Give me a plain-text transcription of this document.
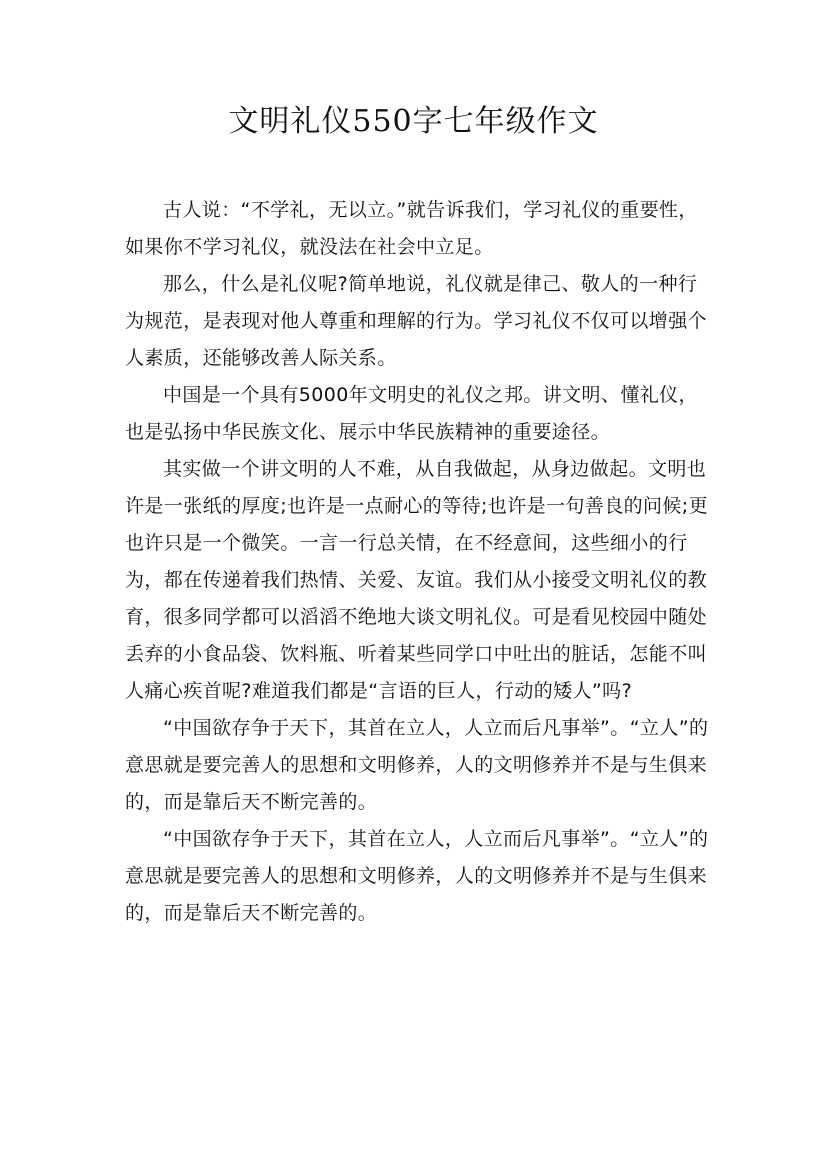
文明礼仪550字七年级作文

古人说：“不学礼，无以立。”就告诉我们，学习礼仪的重要性，如果你不学习礼仪，就没法在社会中立足。

那么，什么是礼仪呢?简单地说，礼仪就是律己、敬人的一种行为规范，是表现对他人尊重和理解的行为。学习礼仪不仅可以增强个人素质，还能够改善人际关系。

中国是一个具有5000年文明史的礼仪之邦。讲文明、懂礼仪，也是弘扬中华民族文化、展示中华民族精神的重要途径。

其实做一个讲文明的人不难，从自我做起，从身边做起。文明也许是一张纸的厚度;也许是一点耐心的等待;也许是一句善良的问候;更也许只是一个微笑。一言一行总关情，在不经意间，这些细小的行为，都在传递着我们热情、关爱、友谊。我们从小接受文明礼仪的教育，很多同学都可以滔滔不绝地大谈文明礼仪。可是看见校园中随处丢弃的小食品袋、饮料瓶、听着某些同学口中吐出的脏话，怎能不叫人痛心疾首呢?难道我们都是“言语的巨人，行动的矮人”吗?

“中国欲存争于天下，其首在立人，人立而后凡事举”。“立人”的意思就是要完善人的思想和文明修养，人的文明修养并不是与生俱来的，而是靠后天不断完善的。

“中国欲存争于天下，其首在立人，人立而后凡事举”。“立人”的意思就是要完善人的思想和文明修养，人的文明修养并不是与生俱来的，而是靠后天不断完善的。
